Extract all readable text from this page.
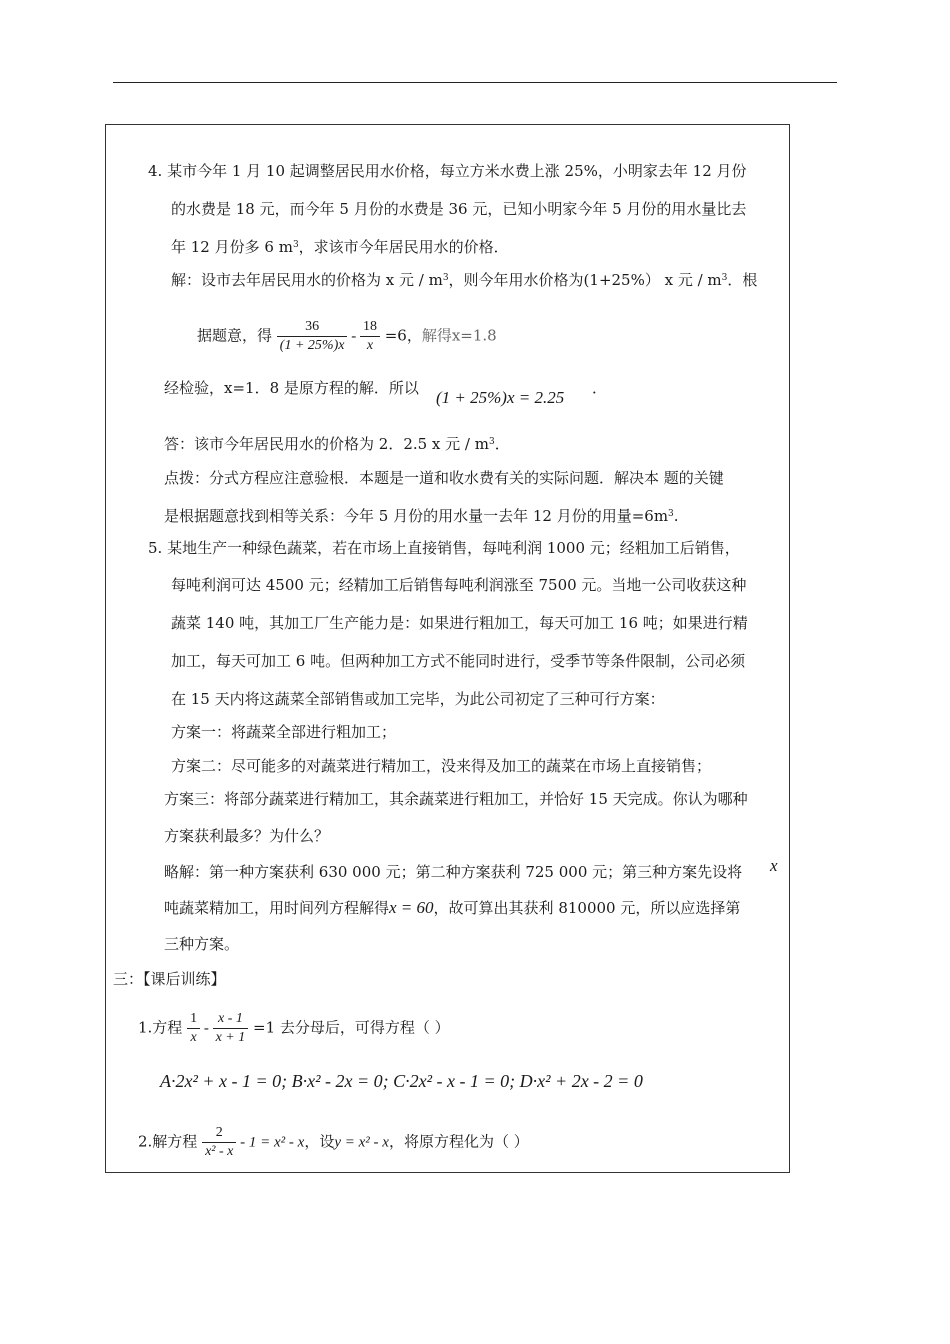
4. 某市今年 1 月 10 起调整居民用水价格，每立方米水费上涨 25%，小明家去年 12 月份
的水费是 18 元，而今年 5 月份的水费是 36 元，已知小明家今年 5 月份的用水量比去
年 12 月份多 6 $m^3$，求该市今年居民用水的价格．
解：设市去年居民用水的价格为 x 元 / $m^3$，则今年用水价格为(1+25%） x 元 / $m^3$．根
据题意，得 $\frac{36}{(1 + 25\%)x} - \frac{18}{x} =6$，解得x=1.8
经检验，x=1．8 是原方程的解．所以 (1 + 25%)x = 2.25 ．
答：该市今年居民用水的价格为 2．2.5 x 元 / $m^3$．
点拨：分式方程应注意验根．本题是一道和收水费有关的实际问题．解决本 题的关键
是根据题意找到相等关系：今年 5 月份的用水量一去年 12 月份的用量$=6m^3$.
5. 某地生产一种绿色蔬菜，若在市场上直接销售，每吨利润 1000 元；经粗加工后销售，
每吨利润可达 4500 元；经精加工后销售每吨利润涨至 7500 元。当地一公司收获这种
蔬菜 140 吨，其加工厂生产能力是：如果进行粗加工，每天可加工 16 吨；如果进行精
加工，每天可加工 6 吨。但两种加工方式不能同时进行，受季节等条件限制，公司必须
在 15 天内将这蔬菜全部销售或加工完毕，为此公司初定了三种可行方案：
方案一：将蔬菜全部进行粗加工；
方案二：尽可能多的对蔬菜进行精加工，没来得及加工的蔬菜在市场上直接销售；
方案三：将部分蔬菜进行精加工，其余蔬菜进行粗加工，并恰好 15 天完成。你认为哪种
方案获利最多？为什么？
略解：第一种方案获利 630 000 元；第二种方案获利 725 000 元；第三种方案先设将 x
吨蔬菜精加工，用时间列方程解得x = 60，故可算出其获利 810000 元，所以应选择第
三种方案。
三：【课后训练】
1.方程 $\frac{1}{x} - \frac{x - 1}{x + 1} =1$ 去分母后，可得方程（ ）
A·2x² + x - 1 = 0; B·x² - 2x = 0; C·2x² - x - 1 = 0; D·x² + 2x - 2 = 0
2.解方程 $\frac{2}{\text{x² - x}} - 1 = x^2 - x$，设y = x² - x，将原方程化为（ ）
